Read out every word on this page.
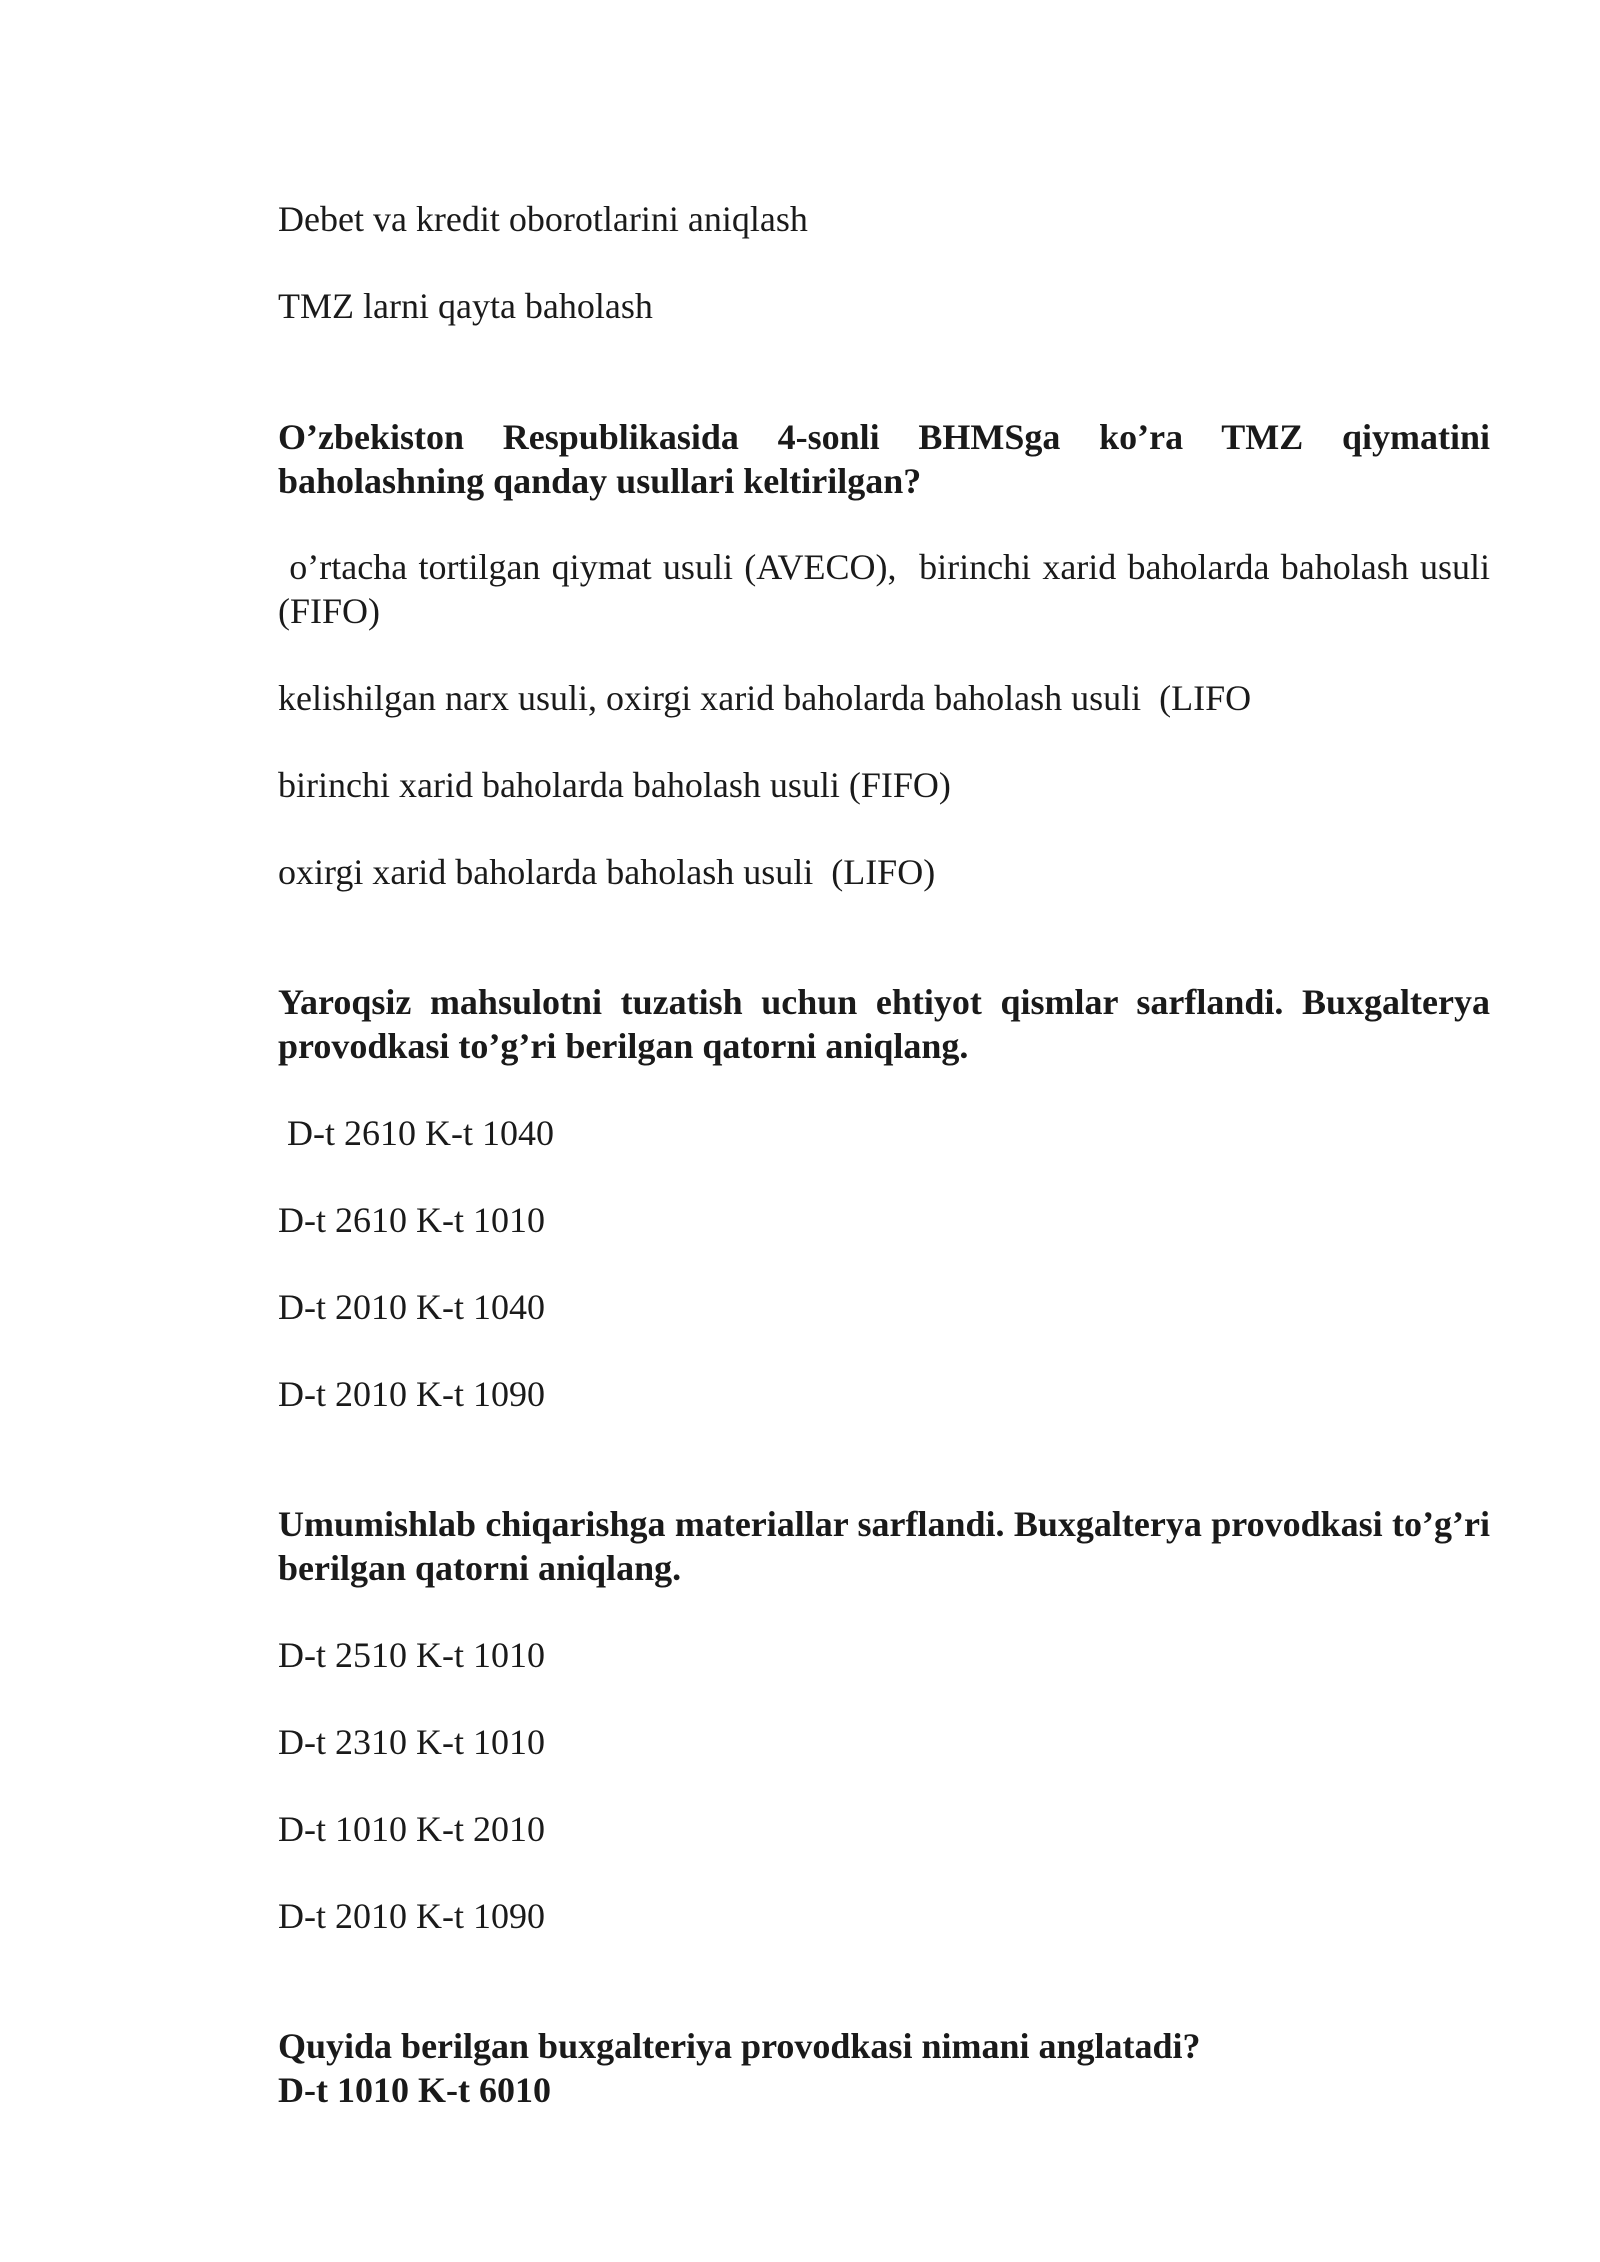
Debet va kredit oborotlarini aniqlash
TMZ larni qayta baholash
O’zbekiston Respublikasida 4-sonli BHMSga ko’ra TMZ qiymatini baholashning qanday usullari keltirilgan?
o’rtacha tortilgan qiymat usuli (AVECO),  birinchi xarid baholarda baholash usuli (FIFO)
kelishilgan narx usuli, oxirgi xarid baholarda baholash usuli  (LIFO
birinchi xarid baholarda baholash usuli (FIFO)
oxirgi xarid baholarda baholash usuli  (LIFO)
Yaroqsiz mahsulotni tuzatish uchun ehtiyot qismlar sarflandi. Buxgalterya provodkasi to’g’ri berilgan qatorni aniqlang.
D-t 2610 K-t 1040
D-t 2610 K-t 1010
D-t 2010 K-t 1040
D-t 2010 K-t 1090
Umumishlab chiqarishga materiallar sarflandi. Buxgalterya provodkasi to’g’ri berilgan qatorni aniqlang.
D-t 2510 K-t 1010
D-t 2310 K-t 1010
D-t 1010 K-t 2010
D-t 2010 K-t 1090
Quyida berilgan buxgalteriya provodkasi nimani anglatadi?
D-t 1010 K-t 6010
